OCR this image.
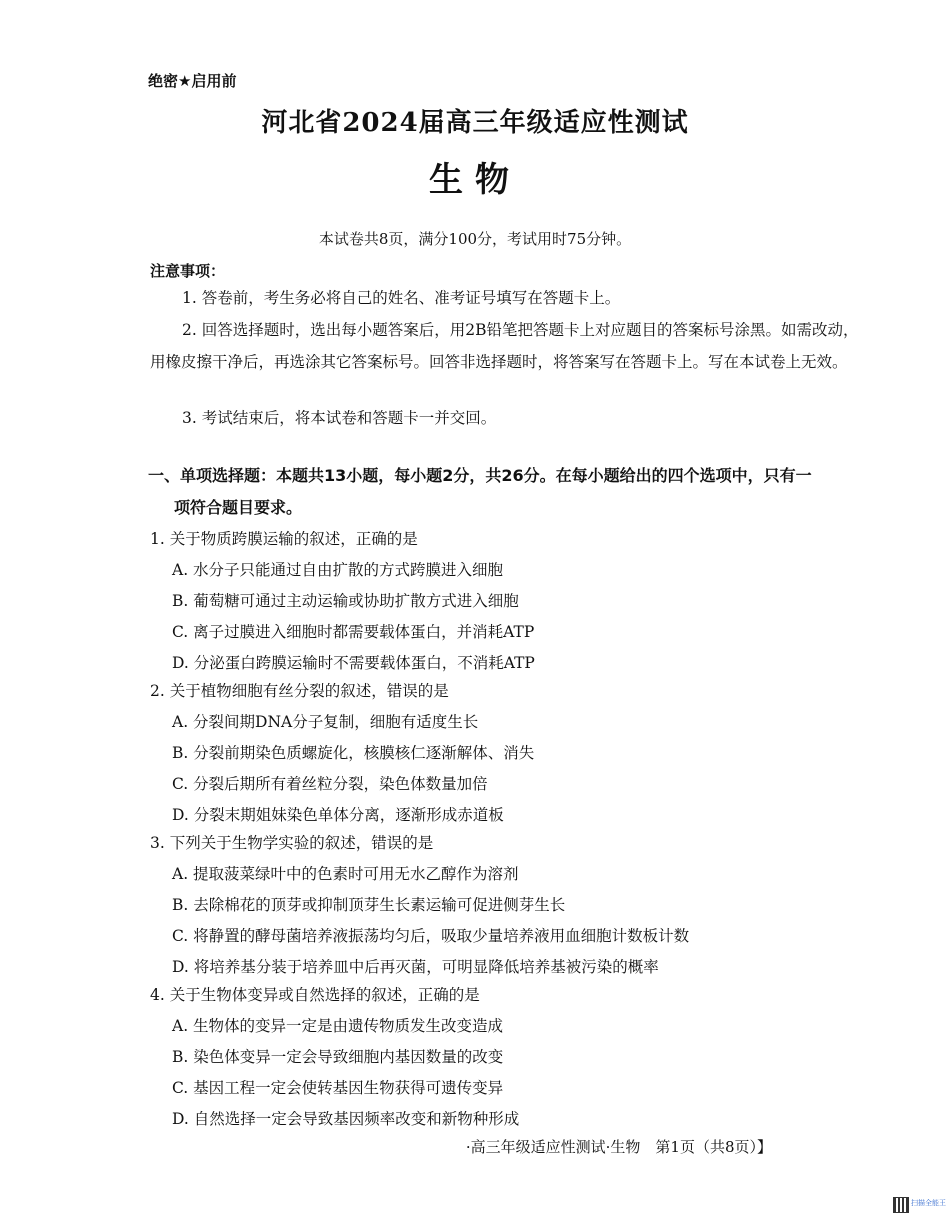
绝密★启用前
河北省2024届高三年级适应性测试
生物
本试卷共8页，满分100分，考试用时75分钟。
注意事项：
1. 答卷前，考生务必将自己的姓名、准考证号填写在答题卡上。
2. 回答选择题时，选出每小题答案后，用2B铅笔把答题卡上对应题目的答案标号涂黑。如需改动，用橡皮擦干净后，再选涂其它答案标号。回答非选择题时，将答案写在答题卡上。写在本试卷上无效。
3. 考试结束后，将本试卷和答题卡一并交回。
一、单项选择题：本题共13小题，每小题2分，共26分。在每小题给出的四个选项中，只有一
项符合题目要求。
1. 关于物质跨膜运输的叙述，正确的是
A. 水分子只能通过自由扩散的方式跨膜进入细胞
B. 葡萄糖可通过主动运输或协助扩散方式进入细胞
C. 离子过膜进入细胞时都需要载体蛋白，并消耗ATP
D. 分泌蛋白跨膜运输时不需要载体蛋白，不消耗ATP
2. 关于植物细胞有丝分裂的叙述，错误的是
A. 分裂间期DNA分子复制，细胞有适度生长
B. 分裂前期染色质螺旋化，核膜核仁逐渐解体、消失
C. 分裂后期所有着丝粒分裂，染色体数量加倍
D. 分裂末期姐妹染色单体分离，逐渐形成赤道板
3. 下列关于生物学实验的叙述，错误的是
A. 提取菠菜绿叶中的色素时可用无水乙醇作为溶剂
B. 去除棉花的顶芽或抑制顶芽生长素运输可促进侧芽生长
C. 将静置的酵母菌培养液振荡均匀后，吸取少量培养液用血细胞计数板计数
D. 将培养基分装于培养皿中后再灭菌，可明显降低培养基被污染的概率
4. 关于生物体变异或自然选择的叙述，正确的是
A. 生物体的变异一定是由遗传物质发生改变造成
B. 染色体变异一定会导致细胞内基因数量的改变
C. 基因工程一定会使转基因生物获得可遗传变异
D. 自然选择一定会导致基因频率改变和新物种形成
·高三年级适应性测试·生物　第1页（共8页）】
扫描全能王
